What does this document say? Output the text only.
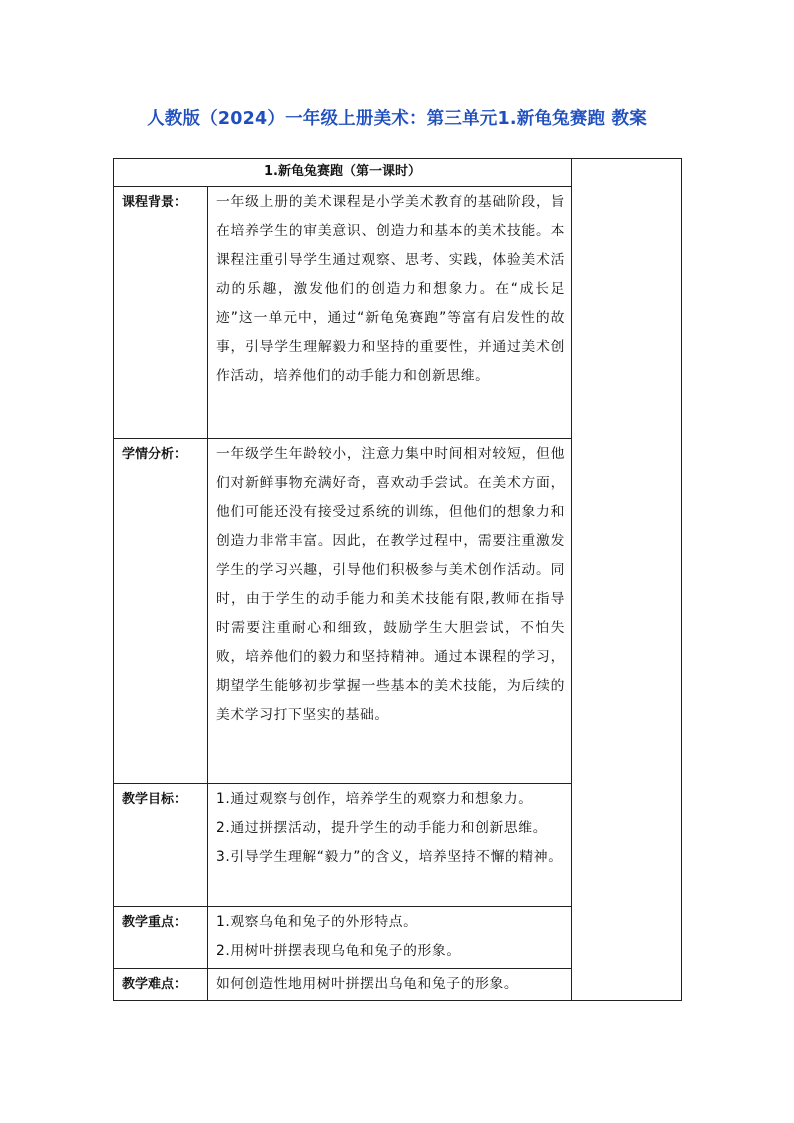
人教版（2024）一年级上册美术：第三单元1.新龟兔赛跑 教案
1.新龟兔赛跑（第一课时）		
课程背景：	一年级上册的美术课程是小学美术教育的基础阶段，旨在培养学生的审美意识、创造力和基本的美术技能。本课程注重引导学生通过观察、思考、实践，体验美术活动的乐趣，激发他们的创造力和想象力。在“成长足迹”这一单元中，通过“新龟兔赛跑”等富有启发性的故事，引导学生理解毅力和坚持的重要性，并通过美术创作活动，培养他们的动手能力和创新思维。	

学情分析：	一年级学生年龄较小，注意力集中时间相对较短，但他们对新鲜事物充满好奇，喜欢动手尝试。在美术方面，他们可能还没有接受过系统的训练，但他们的想象力和创造力非常丰富。因此，在教学过程中，需要注重激发学生的学习兴趣，引导他们积极参与美术创作活动。同时，由于学生的动手能力和美术技能有限,教师在指导时需要注重耐心和细致，鼓励学生大胆尝试，不怕失败，培养他们的毅力和坚持精神。通过本课程的学习，期望学生能够初步掌握一些基本的美术技能，为后续的美术学习打下坚实的基础。	

教学目标：	1.通过观察与创作，培养学生的观察力和想象力。
2.通过拼摆活动，提升学生的动手能力和创新思维。
3.引导学生理解“毅力”的含义，培养坚持不懈的精神。	

教学重点：	1.观察乌龟和兔子的外形特点。
2.用树叶拼摆表现乌龟和兔子的形象。	

教学难点：	如何创造性地用树叶拼摆出乌龟和兔子的形象。	
